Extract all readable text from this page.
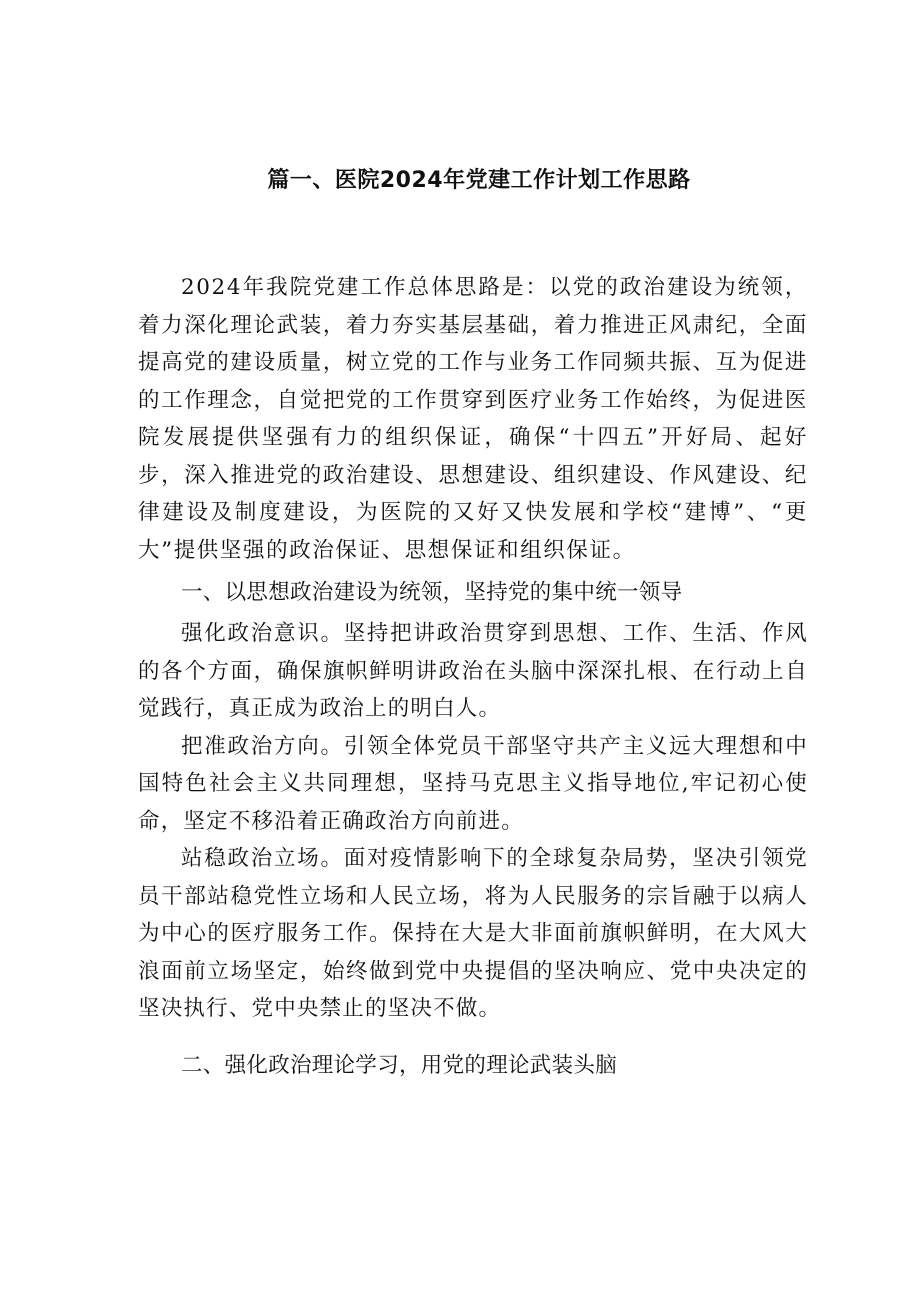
篇一、医院2024年党建工作计划工作思路

2024年我院党建工作总体思路是：以党的政治建设为统领，着力深化理论武装，着力夯实基层基础，着力推进正风肃纪，全面提高党的建设质量，树立党的工作与业务工作同频共振、互为促进的工作理念，自觉把党的工作贯穿到医疗业务工作始终，为促进医院发展提供坚强有力的组织保证，确保“十四五”开好局、起好步，深入推进党的政治建设、思想建设、组织建设、作风建设、纪律建设及制度建设，为医院的又好又快发展和学校“建博”、“更大”提供坚强的政治保证、思想保证和组织保证。

一、以思想政治建设为统领，坚持党的集中统一领导

强化政治意识。坚持把讲政治贯穿到思想、工作、生活、作风的各个方面，确保旗帜鲜明讲政治在头脑中深深扎根、在行动上自觉践行，真正成为政治上的明白人。

把准政治方向。引领全体党员干部坚守共产主义远大理想和中国特色社会主义共同理想，坚持马克思主义指导地位,牢记初心使命，坚定不移沿着正确政治方向前进。

站稳政治立场。面对疫情影响下的全球复杂局势，坚决引领党员干部站稳党性立场和人民立场，将为人民服务的宗旨融于以病人为中心的医疗服务工作。保持在大是大非面前旗帜鲜明，在大风大浪面前立场坚定，始终做到党中央提倡的坚决响应、党中央决定的坚决执行、党中央禁止的坚决不做。

二、强化政治理论学习，用党的理论武装头脑
